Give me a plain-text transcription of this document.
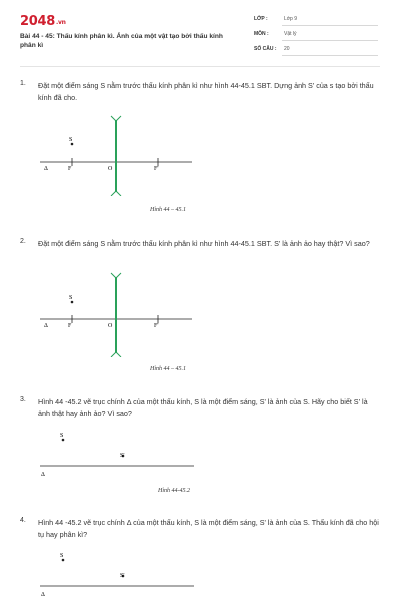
2048.vn
Bài 44 - 45: Thấu kính phân kì. Ảnh của một vật tạo bởi thấu kính phân kì
LỚP :	Lớp 9
MÔN :	Vật lý
SỐ CÂU : 20
1. Đặt một điểm sáng S nằm trước thấu kính phân kì như hình 44-45.1 SBT. Dựng ảnh S' của s tạo bởi thấu kính đã cho.
S
Δ	F	O	F'
Hình 44 – 45.1
2. Đặt một điểm sáng S nằm trước thấu kính phân kì như hình 44-45.1 SBT. S' là ảnh ảo hay thật? Vì sao?
S
Δ	F	O	F'
Hình 44 – 45.1
3. Hình 44 -45.2 vẽ trục chính Δ của một thấu kính, S là một điểm sáng, S' là ảnh của S. Hãy cho biết S' là ảnh thật hay ảnh ảo? Vì sao?
S
S'
Δ
Hình 44-45.2
4. Hình 44 -45.2 vẽ trục chính Δ của một thấu kính, S là một điểm sáng, S' là ảnh của S. Thấu kính đã cho hội tụ hay phân kì?
S
S'
Δ
